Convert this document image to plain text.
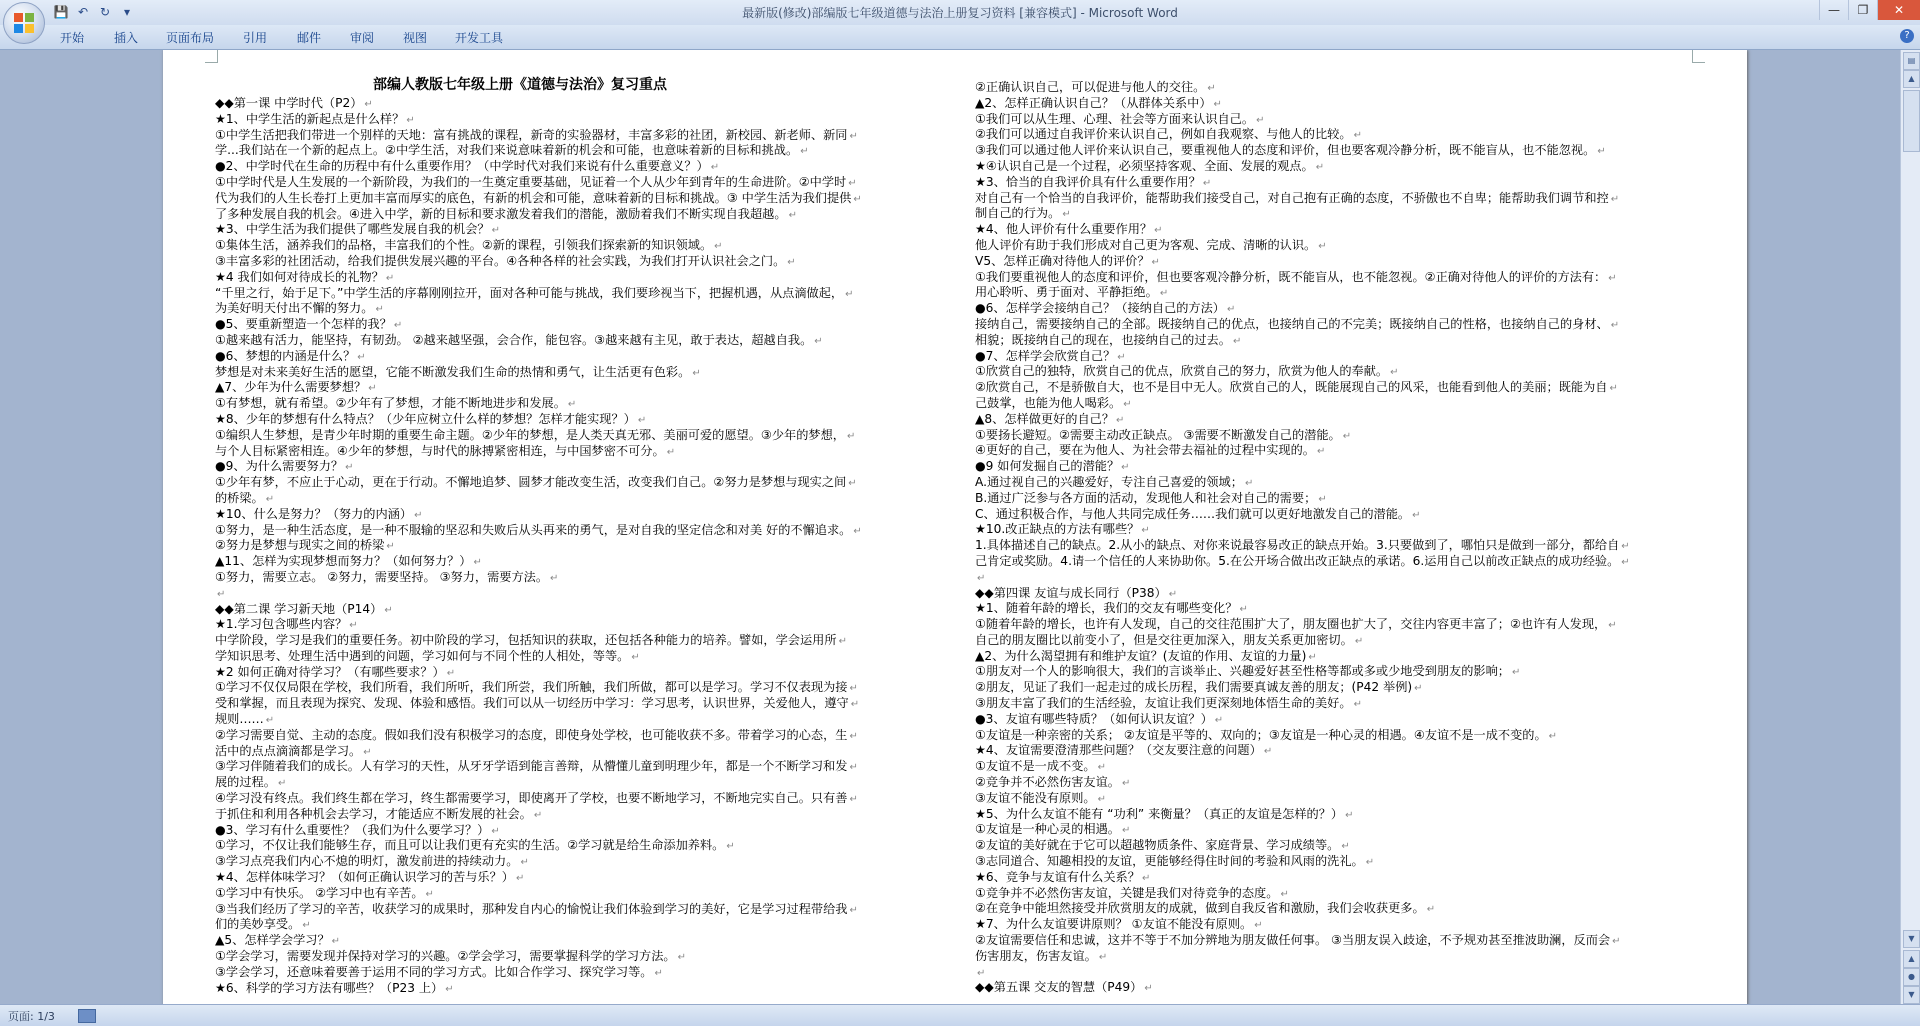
💾 ↶ ↻	▾	最新版(修改)部编版七年级道德与法治上册复习资料 [兼容模式] - Microsoft Word	—	❐	✕
开始 插入 页面布局 引用 邮件 审阅 视图 开发工具	?
部编人教版七年级上册《道德与法治》复习重点
◆◆第一课 中学时代（P2） ↵
★1、中学生活的新起点是什么样？ ↵
①中学生活把我们带进一个别样的天地：富有挑战的课程，新奇的实验器材，丰富多彩的社团，新校园、新老师、新同 ↵
学...我们站在一个新的起点上。②中学生活，对我们来说意味着新的机会和可能，也意味着新的目标和挑战。 ↵
●2、中学时代在生命的历程中有什么重要作用？（中学时代对我们来说有什么重要意义？） ↵
①中学时代是人生发展的一个新阶段，为我们的一生奠定重要基础，见证着一个人从少年到青年的生命进阶。②中学时 ↵
代为我们的人生长卷打上更加丰富而厚实的底色，有新的机会和可能，意味着新的目标和挑战。③ 中学生活为我们提供 ↵
了多种发展自我的机会。④进入中学，新的目标和要求激发着我们的潜能，激励着我们不断实现自我超越。 ↵
★3、中学生活为我们提供了哪些发展自我的机会？ ↵
①集体生活，涵养我们的品格，丰富我们的个性。②新的课程，引领我们探索新的知识领域。 ↵
③丰富多彩的社团活动，给我们提供发展兴趣的平台。④各种各样的社会实践，为我们打开认识社会之门。 ↵
★4 我们如何对待成长的礼物？ ↵
“千里之行，始于足下。”中学生活的序幕刚刚拉开，面对各种可能与挑战，我们要珍视当下，把握机遇，从点滴做起， ↵
为美好明天付出不懈的努力。 ↵
●5、要重新塑造一个怎样的我？ ↵
①越来越有活力，能坚持，有韧劲。 ②越来越坚强，会合作，能包容。③越来越有主见，敢于表达，超越自我。 ↵
●6、梦想的内涵是什么？ ↵
梦想是对未来美好生活的愿望，它能不断激发我们生命的热情和勇气，让生活更有色彩。 ↵
▲7、少年为什么需要梦想？ ↵
①有梦想，就有希望。②少年有了梦想，才能不断地进步和发展。 ↵
★8、少年的梦想有什么特点？（少年应树立什么样的梦想？怎样才能实现？） ↵
①编织人生梦想，是青少年时期的重要生命主题。②少年的梦想，是人类天真无邪、美丽可爱的愿望。③少年的梦想， ↵
与个人目标紧密相连。④少年的梦想，与时代的脉搏紧密相连，与中国梦密不可分。 ↵
●9、为什么需要努力？ ↵
①少年有梦，不应止于心动，更在于行动。不懈地追梦、圆梦才能改变生活，改变我们自己。②努力是梦想与现实之间 ↵
的桥梁。 ↵
★10、什么是努力？（努力的内涵） ↵
①努力，是一种生活态度，是一种不服输的坚忍和失败后从头再来的勇气，是对自我的坚定信念和对美 好的不懈追求。 ↵
②努力是梦想与现实之间的桥梁 ↵
▲11、怎样为实现梦想而努力？（如何努力？） ↵
①努力，需要立志。 ②努力，需要坚持。 ③努力，需要方法。 ↵
↵
◆◆第二课 学习新天地（P14） ↵
★1.学习包含哪些内容？ ↵
中学阶段，学习是我们的重要任务。初中阶段的学习，包括知识的获取，还包括各种能力的培养。譬如，学会运用所 ↵
学知识思考、处理生活中遇到的问题，学习如何与不同个性的人相处，等等。 ↵
★2 如何正确对待学习？（有哪些要求？） ↵
①学习不仅仅局限在学校，我们所看，我们所听，我们所尝，我们所触，我们所做，都可以是学习。学习不仅表现为接 ↵
受和掌握，而且表现为探究、发现、体验和感悟。我们可以从一切经历中学习：学习思考，认识世界，关爱他人，遵守 ↵
规则…… ↵
②学习需要自觉、主动的态度。假如我们没有积极学习的态度，即使身处学校，也可能收获不多。带着学习的心态，生 ↵
活中的点点滴滴都是学习。 ↵
③学习伴随着我们的成长。人有学习的天性，从牙牙学语到能言善辩，从懵懂儿童到明理少年，都是一个不断学习和发 ↵
展的过程。 ↵
④学习没有终点。我们终生都在学习，终生都需要学习，即使离开了学校，也要不断地学习，不断地完实自己。只有善 ↵
于抓住和利用各种机会去学习，才能适应不断发展的社会。 ↵
●3、学习有什么重要性？（我们为什么要学习？） ↵
①学习，不仅让我们能够生存，而且可以让我们更有充实的生活。②学习就是给生命添加养料。 ↵
③学习点亮我们内心不熄的明灯，激发前进的持续动力。 ↵
★4、怎样体味学习？（如何正确认识学习的苦与乐？） ↵
①学习中有快乐。 ②学习中也有辛苦。 ↵
③当我们经历了学习的辛苦，收获学习的成果时，那种发自内心的愉悦让我们体验到学习的美好，它是学习过程带给我 ↵
们的美妙享受。 ↵
▲5、怎样学会学习？ ↵
①学会学习，需要发现并保持对学习的兴趣。②学会学习，需要掌握科学的学习方法。 ↵
③学会学习，还意味着要善于运用不同的学习方式。比如合作学习、探究学习等。 ↵
★6、科学的学习方法有哪些？（P23 上） ↵
②正确认识自己，可以促进与他人的交往。 ↵
▲2、怎样正确认识自己？（从群体关系中） ↵
①我们可以从生理、心理、社会等方面来认识自己。 ↵
②我们可以通过自我评价来认识自己，例如自我观察、与他人的比较。 ↵
③我们可以通过他人评价来认识自己，要重视他人的态度和评价，但也要客观冷静分析，既不能盲从，也不能忽视。 ↵
★④认识自己是一个过程，必须坚持客观、全面、发展的观点。 ↵
★3、恰当的自我评价具有什么重要作用？ ↵
对自己有一个恰当的自我评价，能帮助我们接受自己，对自己抱有正确的态度，不骄傲也不自卑；能帮助我们调节和控 ↵
制自己的行为。 ↵
★4、他人评价有什么重要作用？ ↵
他人评价有助于我们形成对自己更为客观、完成、清晰的认识。 ↵
V5、怎样正确对待他人的评价？ ↵
①我们要重视他人的态度和评价，但也要客观冷静分析，既不能盲从，也不能忽视。②正确对待他人的评价的方法有： ↵
用心聆听、勇于面对、平静拒绝。 ↵
●6、怎样学会接纳自己？（接纳自己的方法） ↵
接纳自己，需要接纳自己的全部。既接纳自己的优点，也接纳自己的不完美；既接纳自己的性格，也接纳自己的身材、 ↵
相貌；既接纳自己的现在，也接纳自己的过去。 ↵
●7、怎样学会欣赏自己？ ↵
①欣赏自己的独特，欣赏自己的优点，欣赏自己的努力，欣赏为他人的奉献。 ↵
②欣赏自己，不是骄傲自大，也不是目中无人。欣赏自己的人，既能展现自己的风采，也能看到他人的美丽；既能为自 ↵
己鼓掌，也能为他人喝彩。 ↵
▲8、怎样做更好的自己？ ↵
①要扬长避短。②需要主动改正缺点。 ③需要不断激发自己的潜能。 ↵
④更好的自己，要在为他人、为社会带去福祉的过程中实现的。 ↵
●9 如何发掘自己的潜能？ ↵
A.通过视自己的兴趣爱好，专注自己喜爱的领域； ↵
B.通过广泛参与各方面的活动，发现他人和社会对自己的需要； ↵
C、通过积极合作，与他人共同完成任务……我们就可以更好地激发自己的潜能。 ↵
★10.改正缺点的方法有哪些？ ↵
1.具体描述自己的缺点。2.从小的缺点、对你来说最容易改正的缺点开始。3.只要做到了，哪怕只是做到一部分，都给自 ↵
己肯定或奖励。4.请一个信任的人来协助你。5.在公开场合做出改正缺点的承诺。6.运用自己以前改正缺点的成功经验。 ↵
↵
◆◆第四课 友谊与成长同行（P38） ↵
★1、随着年龄的增长，我们的交友有哪些变化？ ↵
①随着年龄的增长，也许有人发现，自己的交往范围扩大了，朋友圈也扩大了，交往内容更丰富了；②也许有人发现， ↵
自己的朋友圈比以前变小了，但是交往更加深入，朋友关系更加密切。 ↵
▲2、为什么渴望拥有和维护友谊？(友谊的作用、友谊的力量) ↵
①朋友对一个人的影响很大，我们的言谈举止、兴趣爱好甚至性格等都或多或少地受到朋友的影响； ↵
②朋友，见证了我们一起走过的成长历程，我们需要真诚友善的朋友；(P42 举例) ↵
③朋友丰富了我们的生活经验，友谊让我们更深刻地体悟生命的美好。 ↵
●3、友谊有哪些特质？（如何认识友谊？） ↵
①友谊是一种亲密的关系； ②友谊是平等的、双向的；③友谊是一种心灵的相遇。④友谊不是一成不变的。 ↵
★4、友谊需要澄清那些问题？（交友要注意的问题） ↵
①友谊不是一成不变。 ↵
②竞争并不必然伤害友谊。 ↵
③友谊不能没有原则。 ↵
★5、为什么友谊不能有 “功利” 来衡量？（真正的友谊是怎样的？） ↵
①友谊是一种心灵的相遇。 ↵
②友谊的美好就在于它可以超越物质条件、家庭背景、学习成绩等。 ↵
③志同道合、知趣相投的友谊，更能够经得住时间的考验和风雨的洗礼。 ↵
★6、竞争与友谊有什么关系？ ↵
①竞争并不必然伤害友谊，关键是我们对待竞争的态度。 ↵
②在竞争中能坦然接受并欣赏朋友的成就，做到自我反省和激励，我们会收获更多。 ↵
★7、为什么友谊要讲原则？ ①友谊不能没有原则。 ↵
②友谊需要信任和忠诚，这并不等于不加分辨地为朋友做任何事。 ③当朋友误入歧途，不予规劝甚至推波助澜，反而会 ↵
伤害朋友，伤害友谊。 ↵
↵
◆◆第五课 交友的智慧（P49） ↵
▤
▲
▼
▲
●
▼
页面: 1/3
